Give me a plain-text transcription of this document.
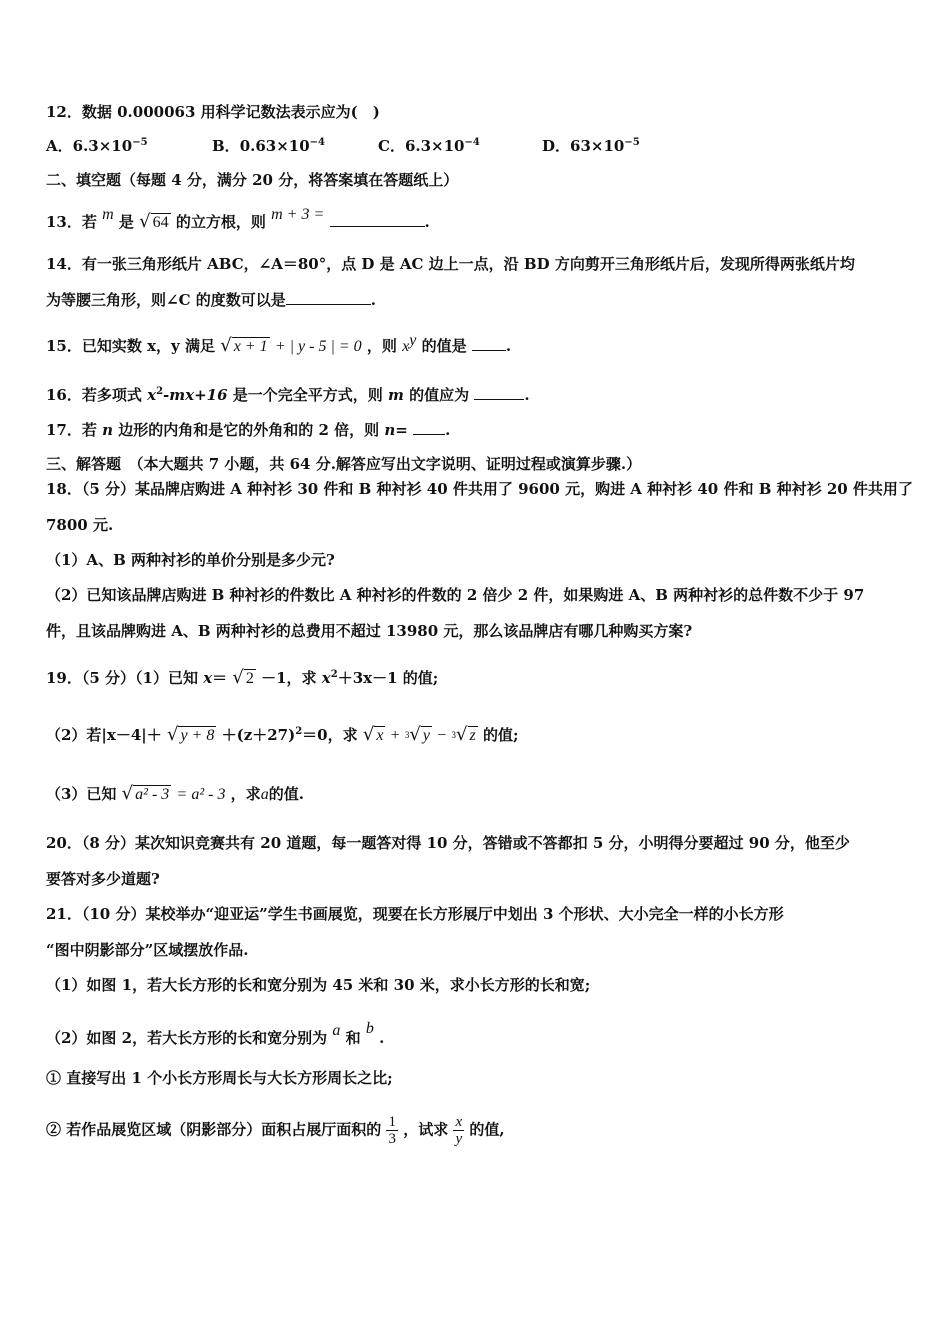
12．数据 0.000063 用科学记数法表示应为(　)
A．$6.3\times 10^{-5}$	B．$0.63\times 10^{-4}$	C．$6.3\times 10^{-4}$	D．$63\times 10^{-5}$
二、填空题（每题 4 分，满分 20 分，将答案填在答题纸上）
13．若 m 是 √ 64 的立方根，则 m + 3 =	.
14．有一张三角形纸片 ABC，∠A＝80°，点 D 是 AC 边上一点，沿 BD 方向剪开三角形纸片后，发现所得两张纸片均
为等腰三角形，则∠C 的度数可以是	.
15．已知实数 x，y 满足 √ x + 1 + | y - 5 | = 0 ，则 $x^y$ 的值是	.
16．若多项式 $x^2-mx+16$ 是一个完全平方式，则 m 的值应为	.
17．若 n 边形的内角和是它的外角和的 2 倍，则 n= .
三、解答题　（本大题共 7 小题，共 64 分.解答应写出文字说明、证明过程或演算步骤.）
18．（5 分）某品牌店购进 A 种衬衫 30 件和 B 种衬衫 40 件共用了 9600 元，购进 A 种衬衫 40 件和 B 种衬衫 20 件共用了
7800 元.
（1）A、B 两种衬衫的单价分别是多少元?
（2）已知该品牌店购进 B 种衬衫的件数比 A 种衬衫的件数的 2 倍少 2 件，如果购进 A、B 两种衬衫的总件数不少于 97
件，且该品牌购进 A、B 两种衬衫的总费用不超过 13980 元，那么该品牌店有哪几种购买方案?
19．（5 分）（1）已知 x＝ √ 2 －1，求 $x^2+3x-1$ 的值;
（2）若|x－4|＋ √ $y + 8 +(z+27)^2=0$，求 √ x + $^3$√ y − $^3$√ z 的值;
（3）已知 √ a² - 3 = a² - 3 ，求a的值.
20．（8 分）某次知识竞赛共有 20 道题，每一题答对得 10 分，答错或不答都扣 5 分，小明得分要超过 90 分，他至少
要答对多少道题?
21．（10 分）某校举办“迎亚运”学生书画展览，现要在长方形展厅中划出 3 个形状、大小完全一样的小长方形
“图中阴影部分”区域摆放作品.
（1）如图 1，若大长方形的长和宽分别为 45 米和 30 米，求小长方形的长和宽;
（2）如图 2，若大长方形的长和宽分别为 a 和 b .
① 直接写出 1 个小长方形周长与大长方形周长之比;
② 若作品展览区域（阴影部分）面积占展厅面积的 $\frac{1}{3}$ ，试求 $\frac{x}{y}$ 的值,
